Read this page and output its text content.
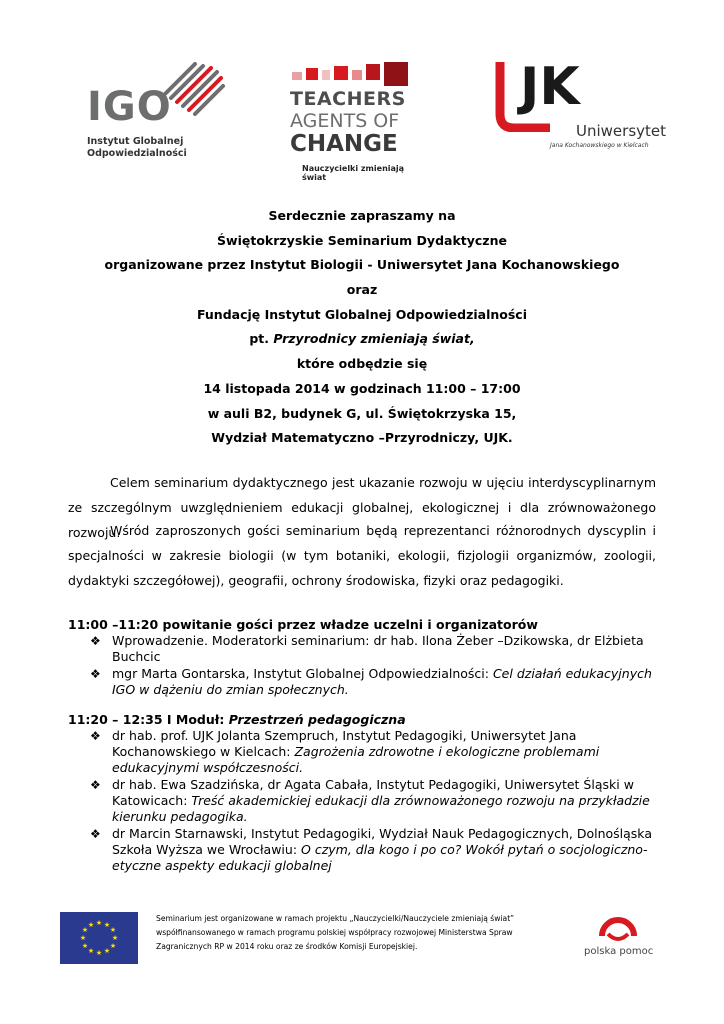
IGO
Instytut Globalnej
Odpowiedzialności
TEACHERS
AGENTS OF
CHANGE
Nauczycielki zmieniają świat
JK
Uniwersytet
Jana Kochanowskiego w Kielcach
Serdecznie zapraszamy na
Świętokrzyskie Seminarium Dydaktyczne
organizowane przez Instytut Biologii - Uniwersytet Jana Kochanowskiego
oraz
Fundację Instytut Globalnej Odpowiedzialności
pt. Przyrodnicy zmieniają świat,
które odbędzie się
14 listopada 2014 w godzinach 11:00 – 17:00
w auli B2, budynek G, ul. Świętokrzyska 15,
Wydział Matematyczno –Przyrodniczy, UJK.
Celem seminarium dydaktycznego jest ukazanie rozwoju w ujęciu interdyscyplinarnym ze szczególnym uwzględnieniem edukacji globalnej, ekologicznej i dla zrównoważonego rozwoju.
Wśród zaproszonych gości seminarium będą reprezentanci różnorodnych dyscyplin i specjalności w zakresie biologii (w tym botaniki, ekologii, fizjologii organizmów, zoologii, dydaktyki szczegółowej), geografii, ochrony środowiska, fizyki oraz pedagogiki.
11:00 –11:20 powitanie gości przez władze uczelni i organizatorów
❖ Wprowadzenie. Moderatorki seminarium: dr hab. Ilona Żeber –Dzikowska, dr Elżbieta Buchcic
❖ mgr Marta Gontarska, Instytut Globalnej Odpowiedzialności: Cel działań edukacyjnych IGO w dążeniu do zmian społecznych.
11:20 – 12:35 I Moduł: Przestrzeń pedagogiczna
❖ dr hab. prof. UJK Jolanta Szempruch, Instytut Pedagogiki, Uniwersytet Jana Kochanowskiego w Kielcach: Zagrożenia zdrowotne i ekologiczne problemami edukacyjnymi współczesności.
❖ dr hab. Ewa Szadzińska, dr Agata Cabała, Instytut Pedagogiki, Uniwersytet Śląski w Katowicach: Treść akademickiej edukacji dla zrównoważonego rozwoju na przykładzie kierunku pedagogika.
❖ dr Marcin Starnawski, Instytut Pedagogiki, Wydział Nauk Pedagogicznych, Dolnośląska Szkoła Wyższa we Wrocławiu: O czym, dla kogo i po co? Wokół pytań o socjologiczno-etyczne aspekty edukacji globalnej
★ ★
★
★
★
★
★
★
★
★
★
★
Seminarium jest organizowane w ramach projektu „Nauczycielki/Nauczyciele zmieniają świat”
współfinansowanego w ramach programu polskiej współpracy rozwojowej Ministerstwa Spraw
Zagranicznych RP w 2014 roku oraz ze środków Komisji Europejskiej.	polska pomoc
